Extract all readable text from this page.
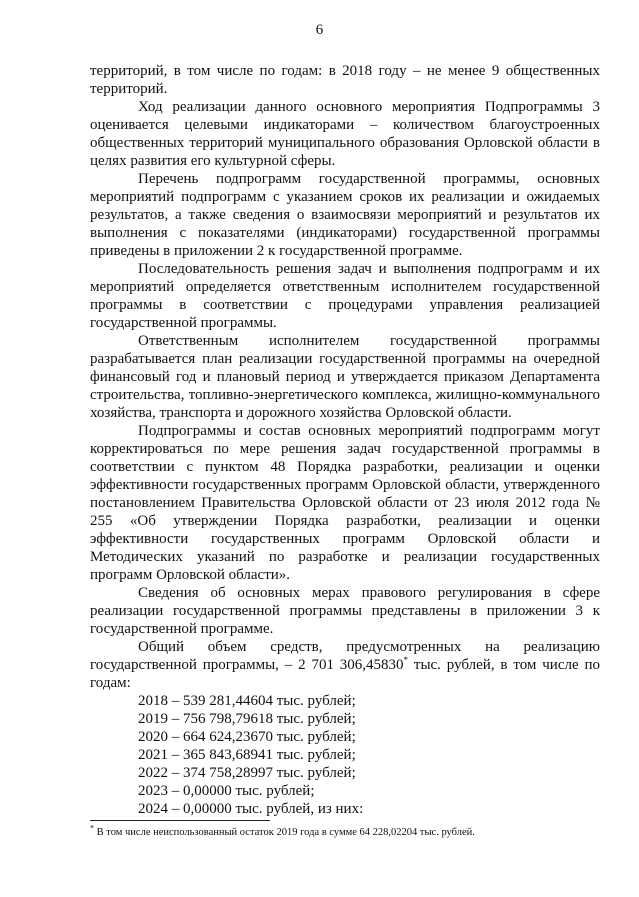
6

территорий, в том числе по годам: в 2018 году – не менее 9 общественных территорий.

Ход реализации данного основного мероприятия Подпрограммы 3 оценивается целевыми индикаторами – количеством благоустроенных общественных территорий муниципального образования Орловской области в целях развития его культурной сферы.

Перечень подпрограмм государственной программы, основных мероприятий подпрограмм с указанием сроков их реализации и ожидаемых результатов, а также сведения о взаимосвязи мероприятий и результатов их выполнения с показателями (индикаторами) государственной программы приведены в приложении 2 к государственной программе.

Последовательность решения задач и выполнения подпрограмм и их мероприятий определяется ответственным исполнителем государственной программы в соответствии с процедурами управления реализацией государственной программы.

Ответственным исполнителем государственной программы разрабатывается план реализации государственной программы на очередной финансовый год и плановый период и утверждается приказом Департамента строительства, топливно-энергетического комплекса, жилищно-коммунального хозяйства, транспорта и дорожного хозяйства Орловской области.

Подпрограммы и состав основных мероприятий подпрограмм могут корректироваться по мере решения задач государственной программы в соответствии с пунктом 48 Порядка разработки, реализации и оценки эффективности государственных программ Орловской области, утвержденного постановлением Правительства Орловской области от 23 июля 2012 года № 255 «Об утверждении Порядка разработки, реализации и оценки эффективности государственных программ Орловской области и Методических указаний по разработке и реализации государственных программ Орловской области».

Сведения об основных мерах правового регулирования в сфере реализации государственной программы представлены в приложении 3 к государственной программе.

Общий объем средств, предусмотренных на реализацию государственной программы, – 2 701 306,45830* тыс. рублей, в том числе по годам:

2018 – 539 281,44604 тыс. рублей;
2019 – 756 798,79618 тыс. рублей;
2020 – 664 624,23670 тыс. рублей;
2021 – 365 843,68941 тыс. рублей;
2022 – 374 758,28997 тыс. рублей;
2023 – 0,00000 тыс. рублей;
2024 – 0,00000 тыс. рублей, из них:
* В том числе неиспользованный остаток 2019 года в сумме 64 228,02204 тыс. рублей.
